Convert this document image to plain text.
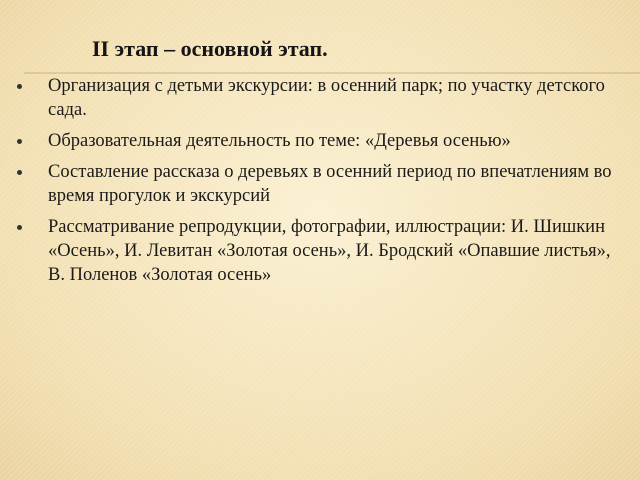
II этап – основной этап.
Организация с детьми экскурсии: в осенний парк; по участку детского сада.
Образовательная деятельность по теме: «Деревья осенью»
Составление рассказа о деревьях в осенний период по впечатлениям во время прогулок и экскурсий
Рассматривание репродукции, фотографии, иллюстрации: И. Шишкин «Осень», И. Левитан «Золотая осень», И. Бродский «Опавшие листья», В. Поленов «Золотая осень»
